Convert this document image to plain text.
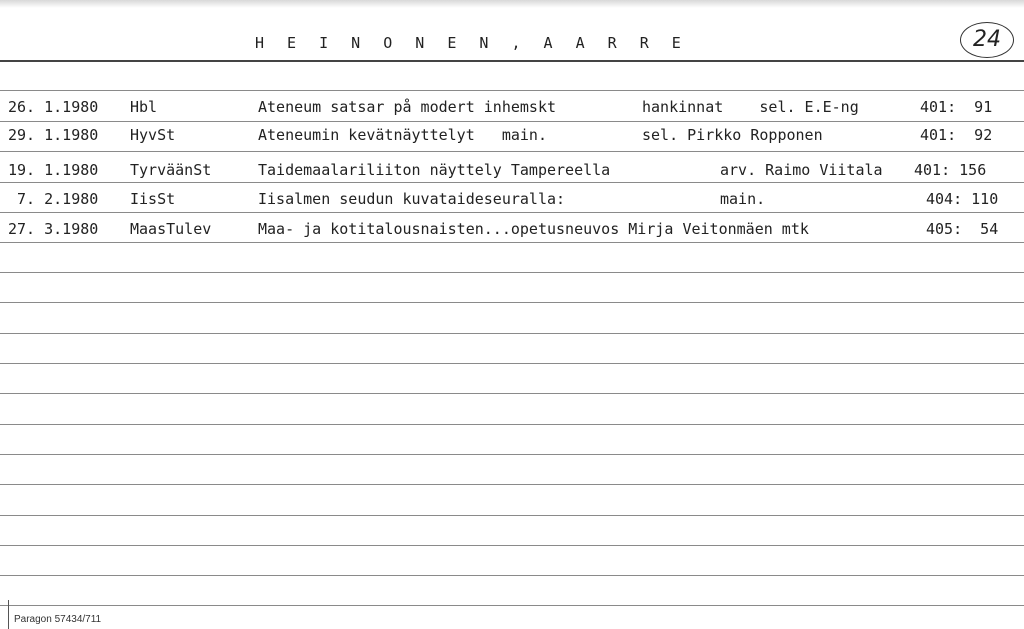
H E I N O N E N , A A R R E	24
26. 1.1980 Hbl	Ateneum satsar på modert inhemskt	hankinnat    sel. E.E-ng	401:  91
29. 1.1980 HyvSt	Ateneumin kevätnäyttelyt   main.	sel. Pirkko Ropponen	401:  92
19. 1.1980 TyrväänSt	Taidemaalariliiton näyttely Tampereella	arv. Raimo Viitala 401: 156
7. 2.1980 IisSt	Iisalmen seudun kuvataideseuralla:	main.	404: 110
27. 3.1980 MaasTulev	Maa- ja kotitalousnaisten...opetusneuvos Mirja Veitonmäen mtk	405:  54
Paragon 57434/711
